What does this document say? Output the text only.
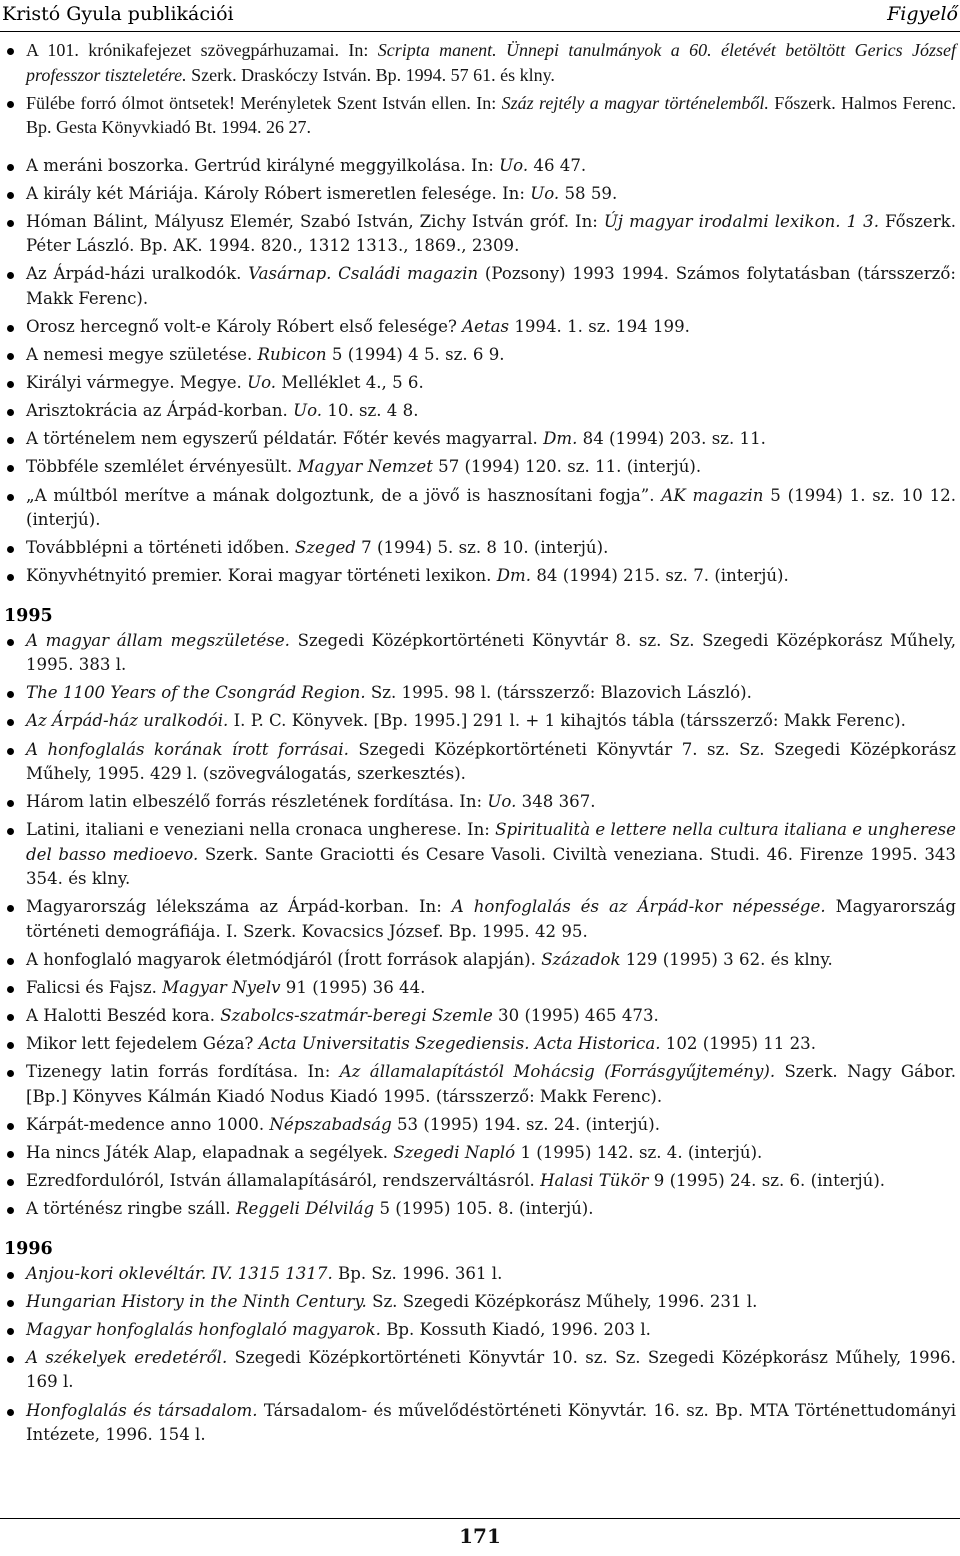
Kristó Gyula publikációi	Figyelő
A 101. krónikafejezet szövegpárhuzamai. In: Scripta manent. Ünnepi tanulmányok a 60. életévét betöltött Gerics József professzor tiszteletére. Szerk. Draskóczy István. Bp. 1994. 57 61. és klny.
Fülébe forró ólmot öntsetek! Merényletek Szent István ellen. In: Száz rejtély a magyar történelemből. Főszerk. Halmos Ferenc. Bp. Gesta Könyvkiadó Bt. 1994. 26 27.
A meráni boszorka. Gertrúd királyné meggyilkolása. In: Uo. 46 47.
A király két Máriája. Károly Róbert ismeretlen felesége. In: Uo. 58 59.
Hóman Bálint, Mályusz Elemér, Szabó István, Zichy István gróf. In: Új magyar irodalmi lexikon. 1 3. Főszerk. Péter László. Bp. AK. 1994. 820., 1312 1313., 1869., 2309.
Az Árpád-házi uralkodók. Vasárnap. Családi magazin (Pozsony) 1993 1994. Számos folytatásban (társszerző: Makk Ferenc).
Orosz hercegnő volt-e Károly Róbert első felesége? Aetas 1994. 1. sz. 194 199.
A nemesi megye születése. Rubicon 5 (1994) 4 5. sz. 6 9.
Királyi vármegye. Megye. Uo. Melléklet 4., 5 6.
Arisztokrácia az Árpád-korban. Uo. 10. sz. 4 8.
A történelem nem egyszerű példatár. Főtér kevés magyarral. Dm. 84 (1994) 203. sz. 11.
Többféle szemlélet érvényesült. Magyar Nemzet 57 (1994) 120. sz. 11. (interjú).
„A múltból merítve a mának dolgoztunk, de a jövő is hasznosítani fogja”. AK magazin 5 (1994) 1. sz. 10 12. (interjú).
Továbblépni a történeti időben. Szeged 7 (1994) 5. sz. 8 10. (interjú).
Könyvhétnyitó premier. Korai magyar történeti lexikon. Dm. 84 (1994) 215. sz. 7. (interjú).
1995
A magyar állam megszületése. Szegedi Középkortörténeti Könyvtár 8. sz. Sz. Szegedi Középkorász Műhely, 1995. 383 l.
The 1100 Years of the Csongrád Region. Sz. 1995. 98 l. (társszerző: Blazovich László).
Az Árpád-ház uralkodói. I. P. C. Könyvek. [Bp. 1995.] 291 l. + 1 kihajtós tábla (társszerző: Makk Ferenc).
A honfoglalás korának írott forrásai. Szegedi Középkortörténeti Könyvtár 7. sz. Sz. Szegedi Középkorász Műhely, 1995. 429 l. (szövegválogatás, szerkesztés).
Három latin elbeszélő forrás részletének fordítása. In: Uo. 348 367.
Latini, italiani e veneziani nella cronaca ungherese. In: Spiritualità e lettere nella cultura italiana e ungherese del basso medioevo. Szerk. Sante Graciotti és Cesare Vasoli. Civiltà veneziana. Studi. 46. Firenze 1995. 343 354. és klny.
Magyarország lélekszáma az Árpád-korban. In: A honfoglalás és az Árpád-kor népessége. Magyarország történeti demográfiája. I. Szerk. Kovacsics József. Bp. 1995. 42 95.
A honfoglaló magyarok életmódjáról (Írott források alapján). Századok 129 (1995) 3 62. és klny.
Falicsi és Fajsz. Magyar Nyelv 91 (1995) 36 44.
A Halotti Beszéd kora. Szabolcs-szatmár-beregi Szemle 30 (1995) 465 473.
Mikor lett fejedelem Géza? Acta Universitatis Szegediensis. Acta Historica. 102 (1995) 11 23.
Tizenegy latin forrás fordítása. In: Az államalapítástól Mohácsig (Forrásgyűjtemény). Szerk. Nagy Gábor. [Bp.] Könyves Kálmán Kiadó Nodus Kiadó 1995. (társszerző: Makk Ferenc).
Kárpát-medence anno 1000. Népszabadság 53 (1995) 194. sz. 24. (interjú).
Ha nincs Játék Alap, elapadnak a segélyek. Szegedi Napló 1 (1995) 142. sz. 4. (interjú).
Ezredfordulóról, István államalapításáról, rendszerváltásról. Halasi Tükör 9 (1995) 24. sz. 6. (interjú).
A történész ringbe száll. Reggeli Délvilág 5 (1995) 105. 8. (interjú).
1996
Anjou-kori oklevéltár. IV. 1315 1317. Bp. Sz. 1996. 361 l.
Hungarian History in the Ninth Century. Sz. Szegedi Középkorász Műhely, 1996. 231 l.
Magyar honfoglalás honfoglaló magyarok. Bp. Kossuth Kiadó, 1996. 203 l.
A székelyek eredetéről. Szegedi Középkortörténeti Könyvtár 10. sz. Sz. Szegedi Középkorász Műhely, 1996. 169 l.
Honfoglalás és társadalom. Társadalom- és művelődéstörténeti Könyvtár. 16. sz. Bp. MTA Történettudományi Intézete, 1996. 154 l.
171
